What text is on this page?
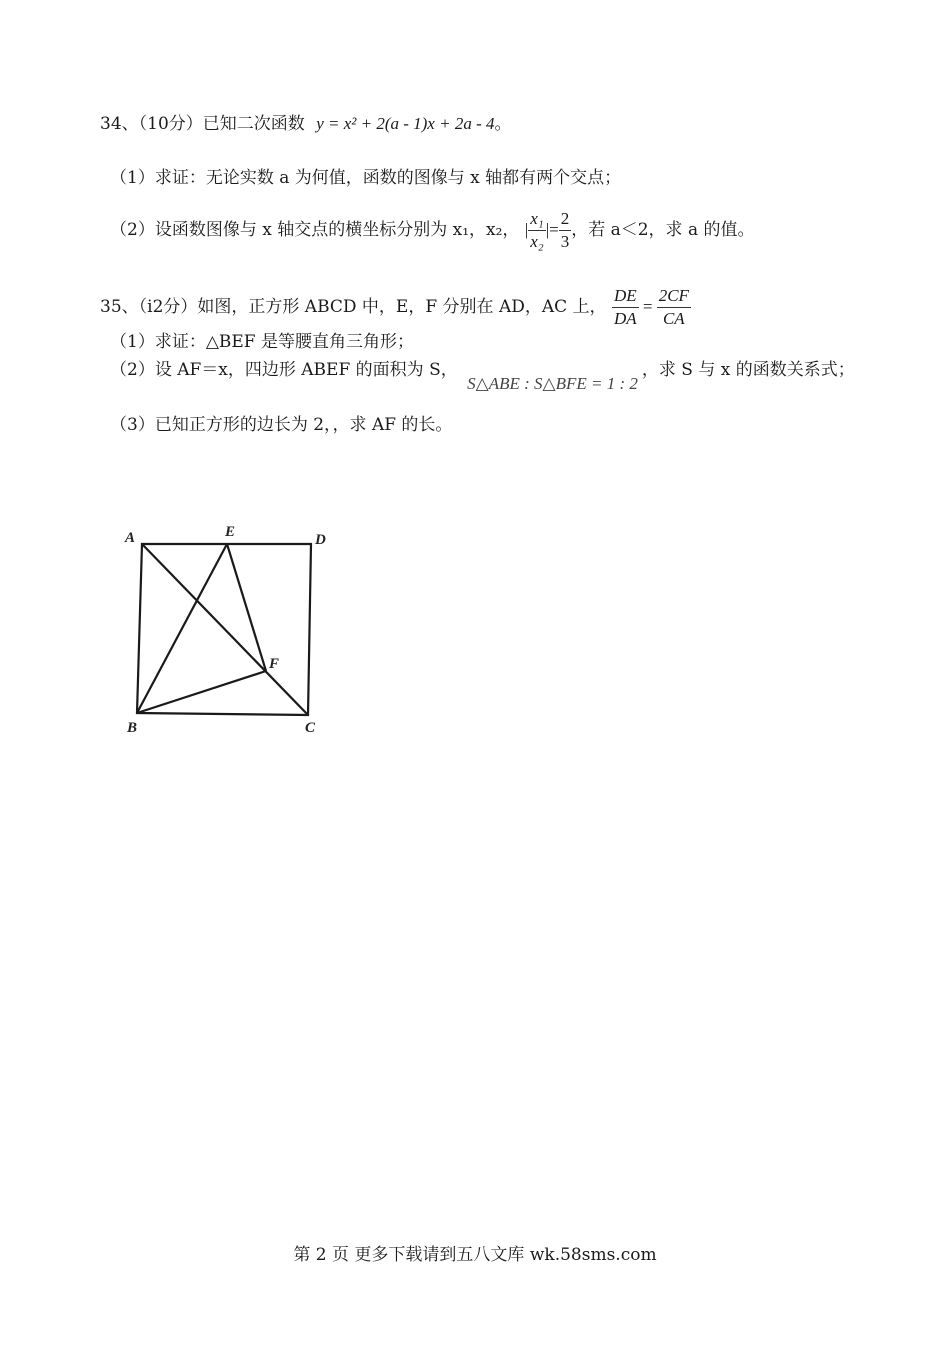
34、（10分）已知二次函数 y = x² + 2(a - 1)x + 2a - 4。
（1）求证：无论实数 a 为何值，函数的图像与 x 轴都有两个交点；
（2）设函数图像与 x 轴交点的横坐标分别为 x₁，x₂， | $\frac{\text{x₁}}{\text{x₂}}$ |= $\frac{2}{3}$ ，若 a＜2，求 a 的值。
35、（i2分）如图，正方形 ABCD 中，E，F 分别在 AD，AC 上， $\frac{DE}{DA} = \frac{2CF}{CA}$
（1）求证：△BEF 是等腰直角三角形；
（2）设 AF＝x，四边形 ABEF 的面积为 S， S△ABE : S△BFE = 1 : 2，求 S 与 x 的函数关系式；
（3）已知正方形的边长为 2，，求 AF 的长。
A	E	D
F
B	C
第 2 页 更多下载请到五八文库 wk.58sms.com
